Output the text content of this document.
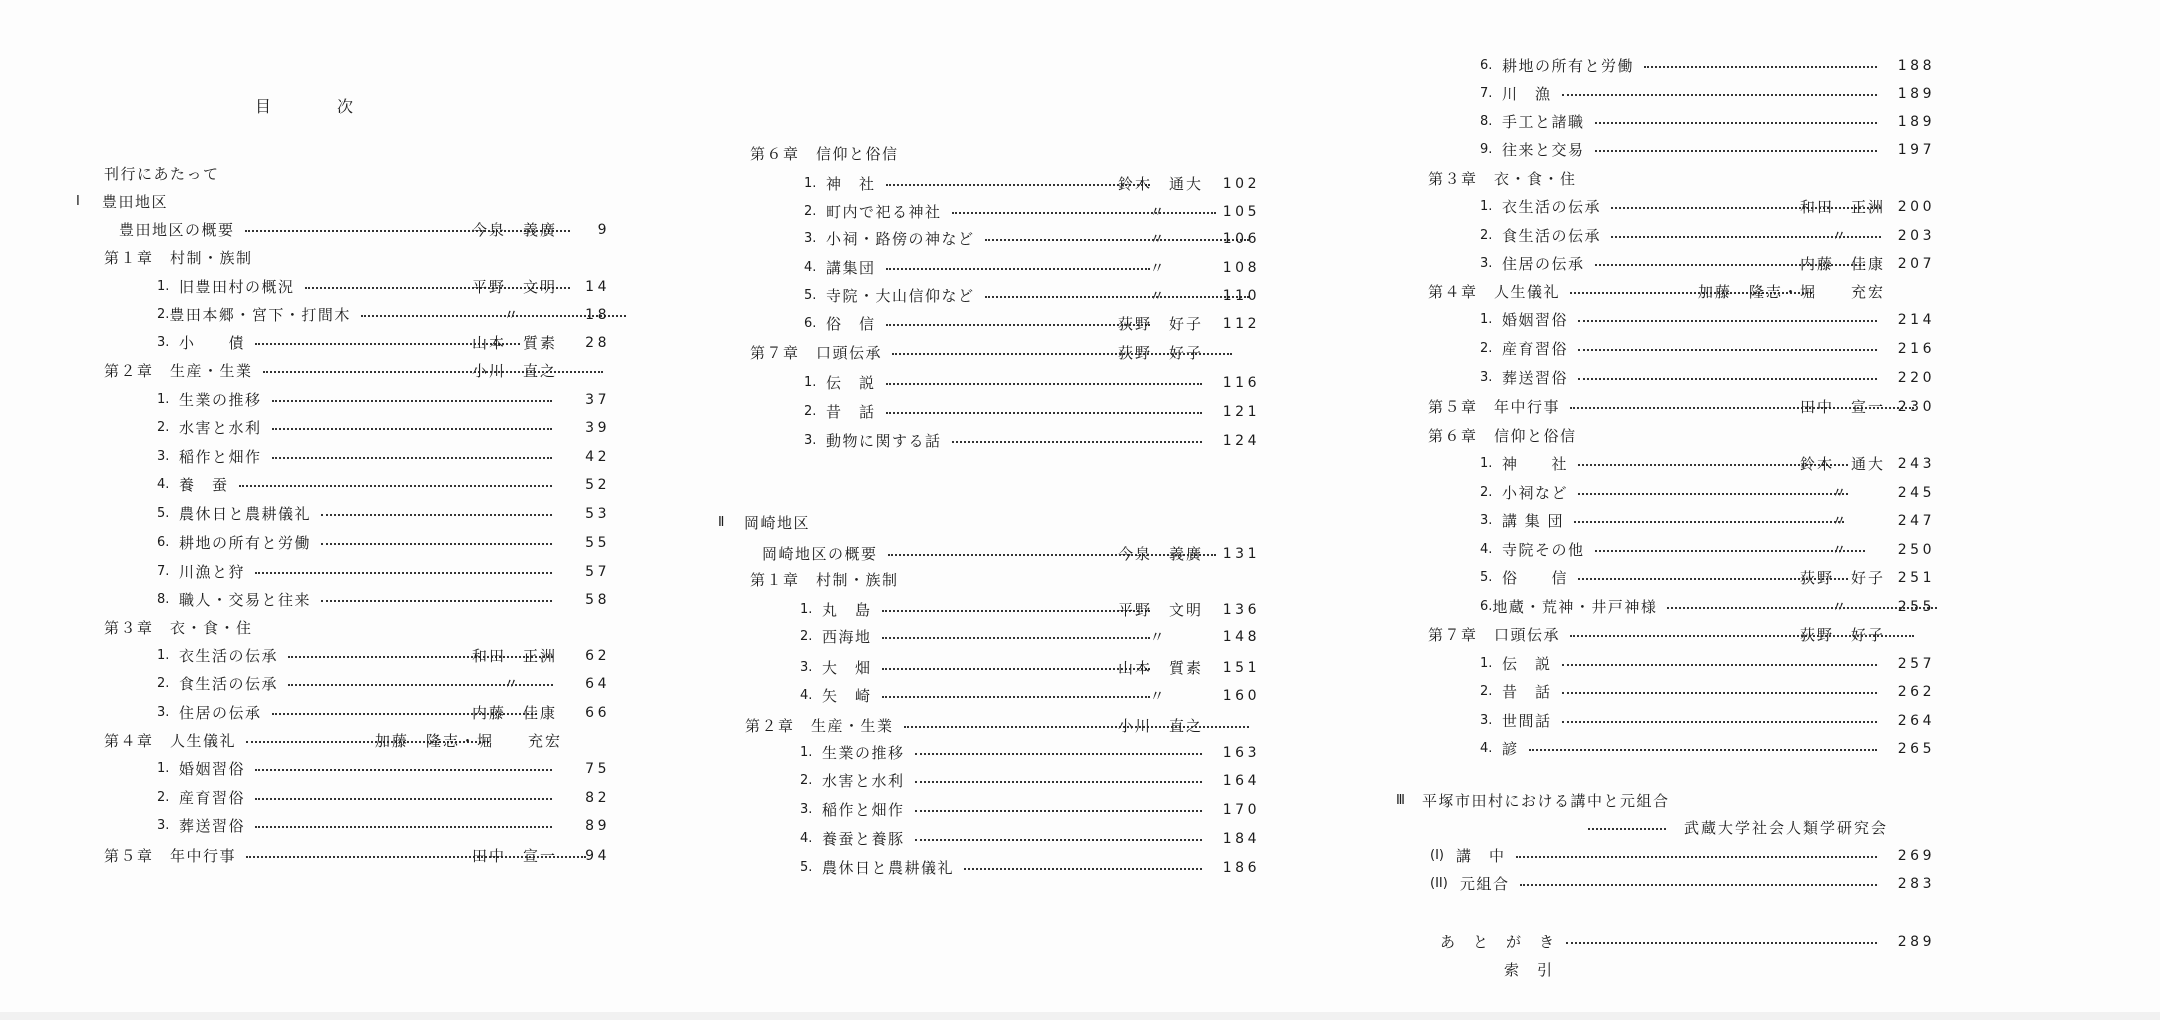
目次
刊行にあたって
I	豊田地区
豊田地区の概要	今泉　義廣	9
第１章　村制・族制
1. 旧豊田村の概況	平野　文明	14
2. 豊田本郷・宮下・打間木	〃	18
3. 小　　債	山本　質素	28
第２章　生産・生業	小川　直之
1. 生業の推移	37
2. 水害と水利	39
3. 稲作と畑作	42
4. 養　蚕	52
5. 農休日と農耕儀礼	53
6. 耕地の所有と労働	55
7. 川漁と狩	57
8. 職人・交易と往来	58
第３章　衣・食・住
1. 衣生活の伝承	和田　正洲	62
2. 食生活の伝承	〃	64
3. 住居の伝承	内藤　佳康	66
第４章　人生儀礼	加藤　隆志・堀　　充宏
1. 婚姻習俗	75
2. 産育習俗	82
3. 葬送習俗	89
第５章　年中行事	田中　宣一	94
第６章　信仰と俗信
1. 神　社	鈴木　通大	102
2. 町内で祀る神社	〃	105
3. 小祠・路傍の神など	〃	106
4. 講集団	〃	108
5. 寺院・大山信仰など	〃	110
6. 俗　信	荻野　好子	112
第７章　口頭伝承	荻野　好子
1. 伝　説	116
2. 昔　話	121
3. 動物に関する話	124
Ⅱ	岡崎地区
岡崎地区の概要	今泉　義廣	131
第１章　村制・族制
1. 丸　島	平野　文明	136
2. 西海地	〃	148
3. 大　畑	山本　質素	151
4. 矢　崎	〃	160
第２章　生産・生業	小川　直之
1. 生業の推移	163
2. 水害と水利	164
3. 稲作と畑作	170
4. 養蚕と養豚	184
5. 農休日と農耕儀礼	186
6. 耕地の所有と労働	188
7. 川　漁	189
8. 手工と諸職	189
9. 往来と交易	197
第３章　衣・食・住
1. 衣生活の伝承	和田　正洲 200
2. 食生活の伝承	〃	203
3. 住居の伝承	内藤　佳康 207
第４章　人生儀礼	加藤　隆志・堀　　充宏
1. 婚姻習俗	214
2. 産育習俗	216
3. 葬送習俗	220
第５章　年中行事	田中　宣一 230
第６章　信仰と俗信
1. 神　　社	鈴木　通大 243
2. 小祠など	〃	245
3. 講 集 団	〃	247
4. 寺院その他	〃	250
5. 俗　　信	荻野　好子 251
6. 地蔵・荒神・井戸神様	〃	255
第７章　口頭伝承	荻野　好子
1. 伝　説	257
2. 昔　話	262
3. 世間話	264
4. 諺	265
Ⅲ	平塚市田村における講中と元組合
武蔵大学社会人類学研究会
(I) 講　中	269
(II) 元組合	283
あ　と　が　き	289
索　引
